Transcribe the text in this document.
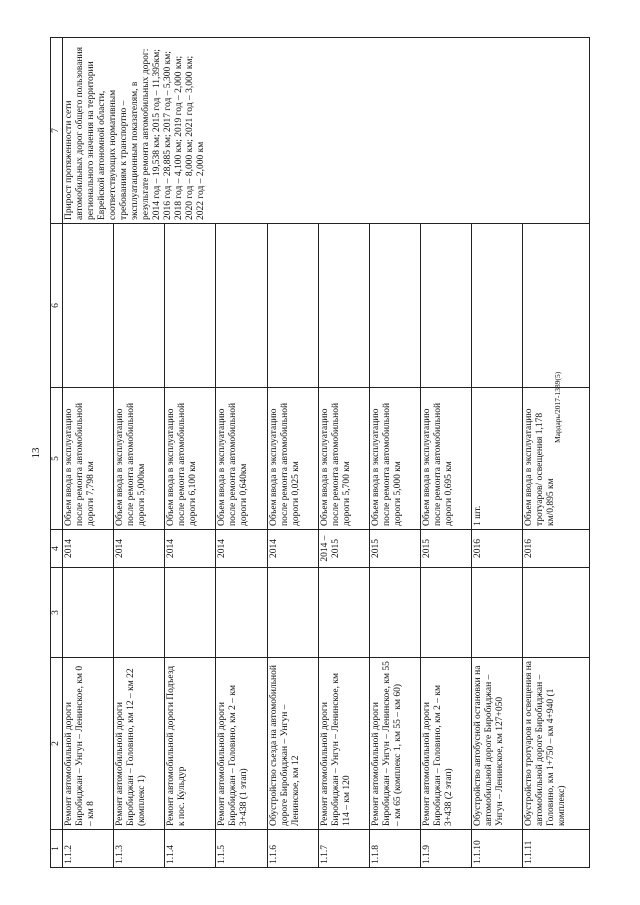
13
Мардарь/2017-1389(5)
1	2	3	4	5	6	7
1.1.2	Ремонт автомобильной дороги Биробиджан – Унгун – Ленинское, км 0 – км 8		2014	Объем ввода в эксплуатацию после ремонта автомобильной дороги 7,798 км		Прирост протяженности сети автомобильных дорог общего пользования регионального значения на территории Еврейской автономной области, соответствующих нормативным требованиям к транспортно – эксплуатационным показателям, в результате ремонта автомобильных дорог: 2014 год – 19,538 км; 2015 год – 11,395км; 2016 год – 28,885 км; 2017 год – 5,300 км; 2018 год – 4,100 км; 2019 год – 2,000 км; 2020 год – 8,000 км; 2021 год – 3,000 км; 2022 год – 2,000 км
1.1.3	Ремонт автомобильной дороги Биробиджан – Головино, км 12 – км 22 (комплекс 1)		2014	Объем ввода в эксплуатацию после ремонта автомобильной дороги 5,000км		
1.1.4	Ремонт автомобильной дороги Подъезд к пос. Кульдур		2014	Объем ввода в эксплуатацию после ремонта автомобильной дороги 6,100 км		
1.1.5	Ремонт автомобильной дороги Биробиджан – Головино, км 2 – км 3+438 (1 этап)		2014	Объем ввода в эксплуатацию после ремонта автомобильной дороги 0,640км		
1.1.6	Обустройство съезда на автомобильной дороге Биробиджан – Унгун – Ленинское, км 12		2014	Объем ввода в эксплуатацию после ремонта автомобильной дороги 0,025 км		
1.1.7	Ремонт автомобильной дороги Биробиджан – Унгун – Ленинское, км 114 – км 120		2014 – 2015	Объем ввода в эксплуатацию после ремонта автомобильной дороги 5,700 км		
1.1.8	Ремонт автомобильной дороги Биробиджан – Унгун – Ленинское, км 55 – км 65 (комплекс 1, км 55 – км 60)		2015	Объем ввода в эксплуатацию после ремонта автомобильной дороги 5,000 км		
1.1.9	Ремонт автомобильной дороги Биробиджан – Головино, км 2 – км 3+438 (2 этап)		2015	Объем ввода в эксплуатацию после ремонта автомобильной дороги 0,695 км		
1.1.10	Обустройство автобусной остановки на автомобильной дороге Биробиджан – Унгун – Ленинское, км 127+050		2016	1 шт.		
1.1.11	Обустройство тротуаров и освещения на автомобильной дороге Биробиджан – Головино, км 1+750 – км 4+940 (1 комплекс)		2016	Объем ввода в эксплуатацию тротуаров/ освещения 1,178 км/0,895 км		
